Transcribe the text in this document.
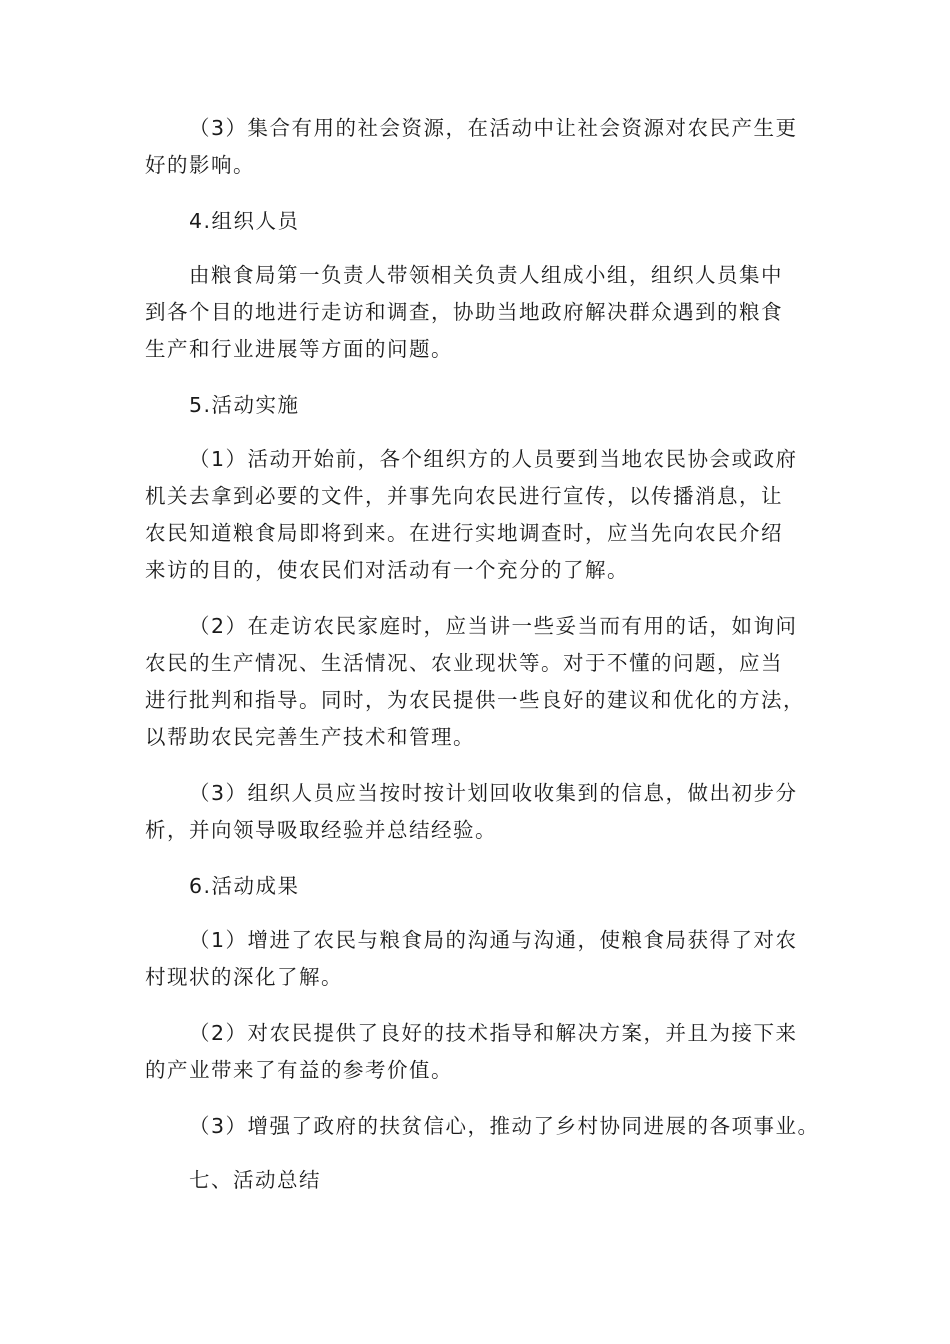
（3）集合有用的社会资源，在活动中让社会资源对农民产生更
好的影响。

4.组织人员

由粮食局第一负责人带领相关负责人组成小组，组织人员集中
到各个目的地进行走访和调查，协助当地政府解决群众遇到的粮食
生产和行业进展等方面的问题。

5.活动实施

（1）活动开始前，各个组织方的人员要到当地农民协会或政府
机关去拿到必要的文件，并事先向农民进行宣传，以传播消息，让
农民知道粮食局即将到来。在进行实地调查时，应当先向农民介绍
来访的目的，使农民们对活动有一个充分的了解。

（2）在走访农民家庭时，应当讲一些妥当而有用的话，如询问
农民的生产情况、生活情况、农业现状等。对于不懂的问题，应当
进行批判和指导。同时，为农民提供一些良好的建议和优化的方法，
以帮助农民完善生产技术和管理。

（3）组织人员应当按时按计划回收收集到的信息，做出初步分
析，并向领导吸取经验并总结经验。

6.活动成果

（1）增进了农民与粮食局的沟通与沟通，使粮食局获得了对农
村现状的深化了解。

（2）对农民提供了良好的技术指导和解决方案，并且为接下来
的产业带来了有益的参考价值。

（3）增强了政府的扶贫信心，推动了乡村协同进展的各项事业。

七、活动总结
